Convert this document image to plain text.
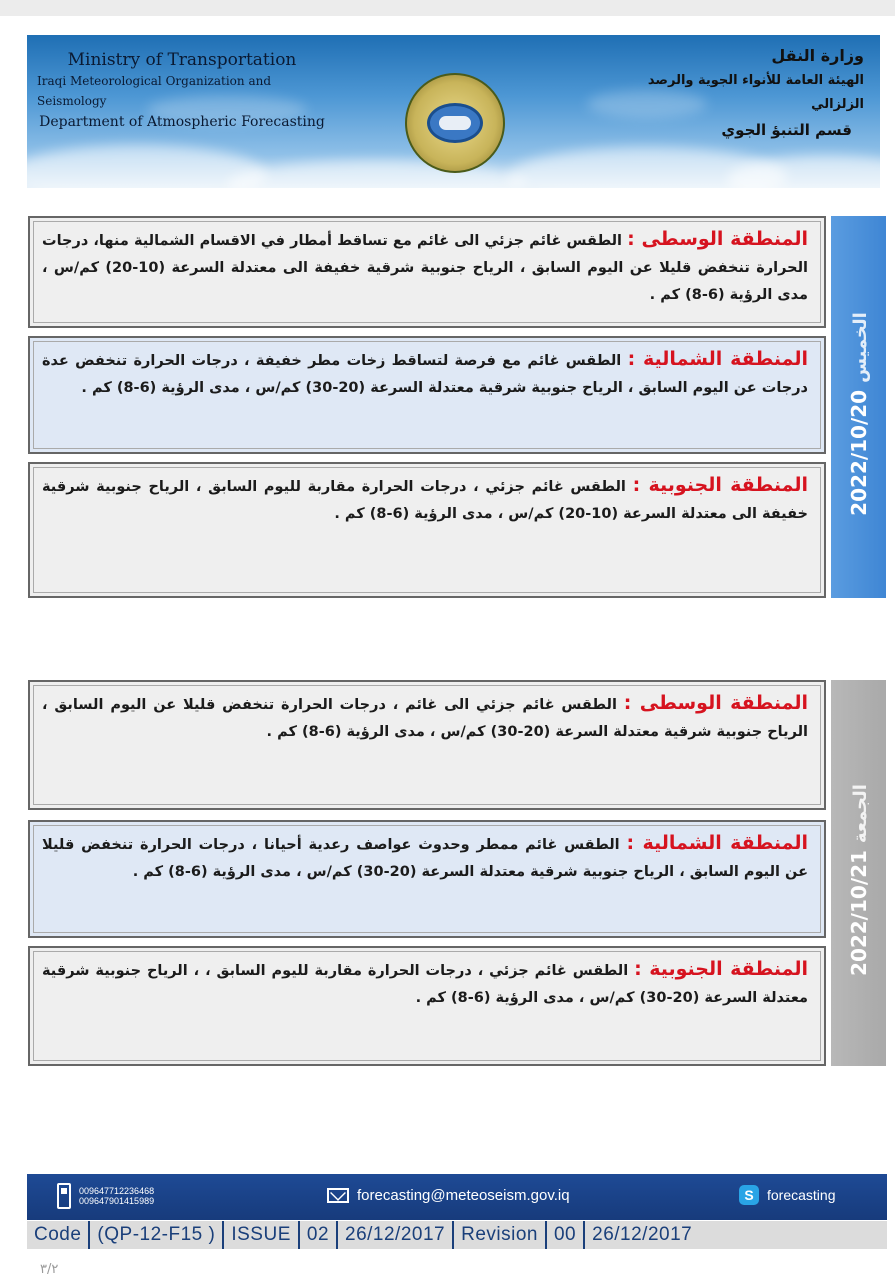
Ministry of Transportation
Iraqi Meteorological Organization and Seismology
Department of Atmospheric Forecasting
وزارة النقل
الهيئة العامة للأنواء الجوية والرصد الزلزالي
قسم التنبؤ الجوي
المنطقة الوسطى : الطقس غائم جزئي الى غائم مع تساقط أمطار في الاقسام الشمالية منها، درجات الحرارة تنخفض قليلا عن اليوم السابق ، الرياح جنوبية شرقية خفيفة الى معتدلة السرعة (10-20) كم/س ، مدى الرؤية (6-8) كم .
المنطقة الشمالية : الطقس غائم مع فرصة لتساقط زخات مطر خفيفة ، درجات الحرارة تنخفض عدة درجات عن اليوم السابق ، الرياح جنوبية شرقية معتدلة السرعة (20-30) كم/س ، مدى الرؤية (6-8) كم .
المنطقة الجنوبية : الطقس غائم جزئي ، درجات الحرارة مقاربة لليوم السابق ، الرياح جنوبية شرقية خفيفة الى معتدلة السرعة (10-20) كم/س ، مدى الرؤية (6-8) كم .
الخميس 2022/10/20
المنطقة الوسطى : الطقس غائم جزئي الى غائم ، درجات الحرارة تنخفض قليلا عن اليوم السابق ، الرياح جنوبية شرقية معتدلة السرعة (20-30) كم/س ، مدى الرؤية (6-8) كم .
المنطقة الشمالية : الطقس غائم ممطر وحدوث عواصف رعدية أحيانا ، درجات الحرارة تنخفض قليلا عن اليوم السابق ، الرياح جنوبية شرقية معتدلة السرعة (20-30) كم/س ، مدى الرؤية (6-8) كم .
المنطقة الجنوبية : الطقس غائم جزئي ، درجات الحرارة مقاربة لليوم السابق ، ، الرياح جنوبية شرقية معتدلة السرعة (20-30) كم/س ، مدى الرؤية (6-8) كم .
الجمعة 2022/10/21
009647712236468
009647901415989	forecasting@meteoseism.gov.iq	S forecasting
Code (QP-12-F15 ) ISSUE 02 26/12/2017 Revision 00 26/12/2017
٣/٢
